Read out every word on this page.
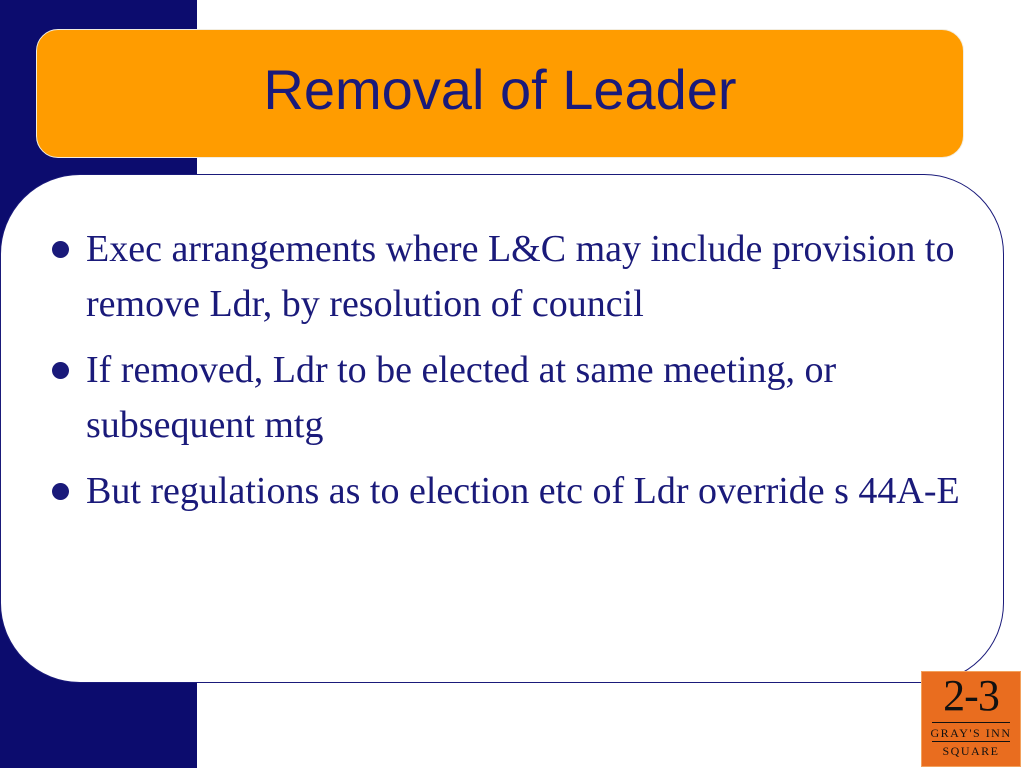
Removal of Leader
Exec arrangements where L&C may include provision to remove Ldr, by resolution of council
If removed, Ldr to be elected at same meeting, or subsequent mtg
But regulations as to election etc of Ldr override s 44A-E
2-3
GRAY'S INN
SQUARE
